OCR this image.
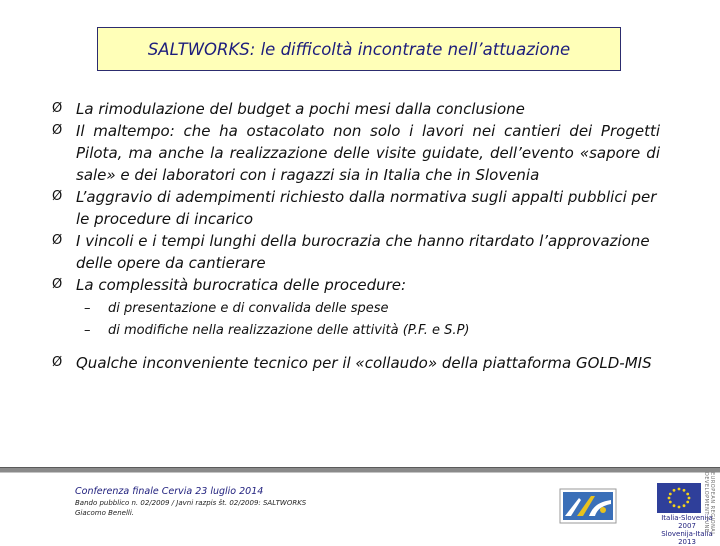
SALTWORKS: le difficoltà incontrate nell’attuazione
Ø La rimodulazione del budget a pochi mesi dalla conclusione
Ø Il maltempo: che ha ostacolato non solo i lavori nei cantieri dei Progetti Pilota, ma anche la realizzazione delle visite guidate, dell’evento «sapore di sale» e dei laboratori con i ragazzi sia in Italia che in Slovenia
Ø L’aggravio di adempimenti richiesto dalla normativa sugli appalti pubblici per le procedure di incarico
Ø I vincoli e i tempi lunghi della burocrazia che hanno ritardato l’approvazione delle opere da cantierare
Ø La complessità burocratica delle procedure:
– di presentazione e di convalida delle spese
– di modifiche nella realizzazione delle attività (P.F. e S.P)
Ø Qualche inconveniente tecnico per il «collaudo» della piattaforma GOLD-MIS
Conferenza finale Cervia 23 luglio 2014
Bando pubblico n. 02/2009 / Javni razpis št. 02/2009: SALTWORKS
Giacomo Benelli.
Italia-Slovenija 2007
Slovenija-Italia 2013
EUROPEAN REGIONAL DEVELOPMENT FUND
